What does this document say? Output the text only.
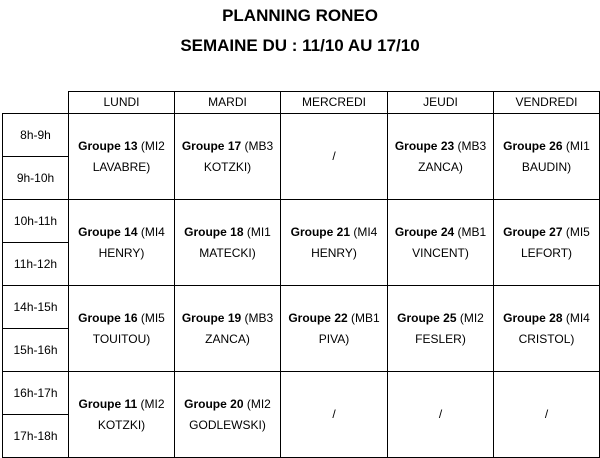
PLANNING RONEO
SEMAINE DU : 11/10 AU 17/10
	LUNDI	MARDI	MERCREDI	JEUDI	VENDREDI
8h-9h	Groupe 13 (MI2 LAVABRE)	Groupe 17 (MB3 KOTZKI)	/	Groupe 23 (MB3 ZANCA)	Groupe 26 (MI1 BAUDIN)
9h-10h					
10h-11h	Groupe 14 (MI4 HENRY)	Groupe 18 (MI1 MATECKI)	Groupe 21 (MI4 HENRY)	Groupe 24 (MB1 VINCENT)	Groupe 27 (MI5 LEFORT)
11h-12h					
14h-15h	Groupe 16 (MI5 TOUITOU)	Groupe 19 (MB3 ZANCA)	Groupe 22 (MB1 PIVA)	Groupe 25 (MI2 FESLER)	Groupe 28 (MI4 CRISTOL)
15h-16h					
16h-17h	Groupe 11 (MI2 KOTZKI)	Groupe 20 (MI2 GODLEWSKI)	/	/	/
17h-18h					
